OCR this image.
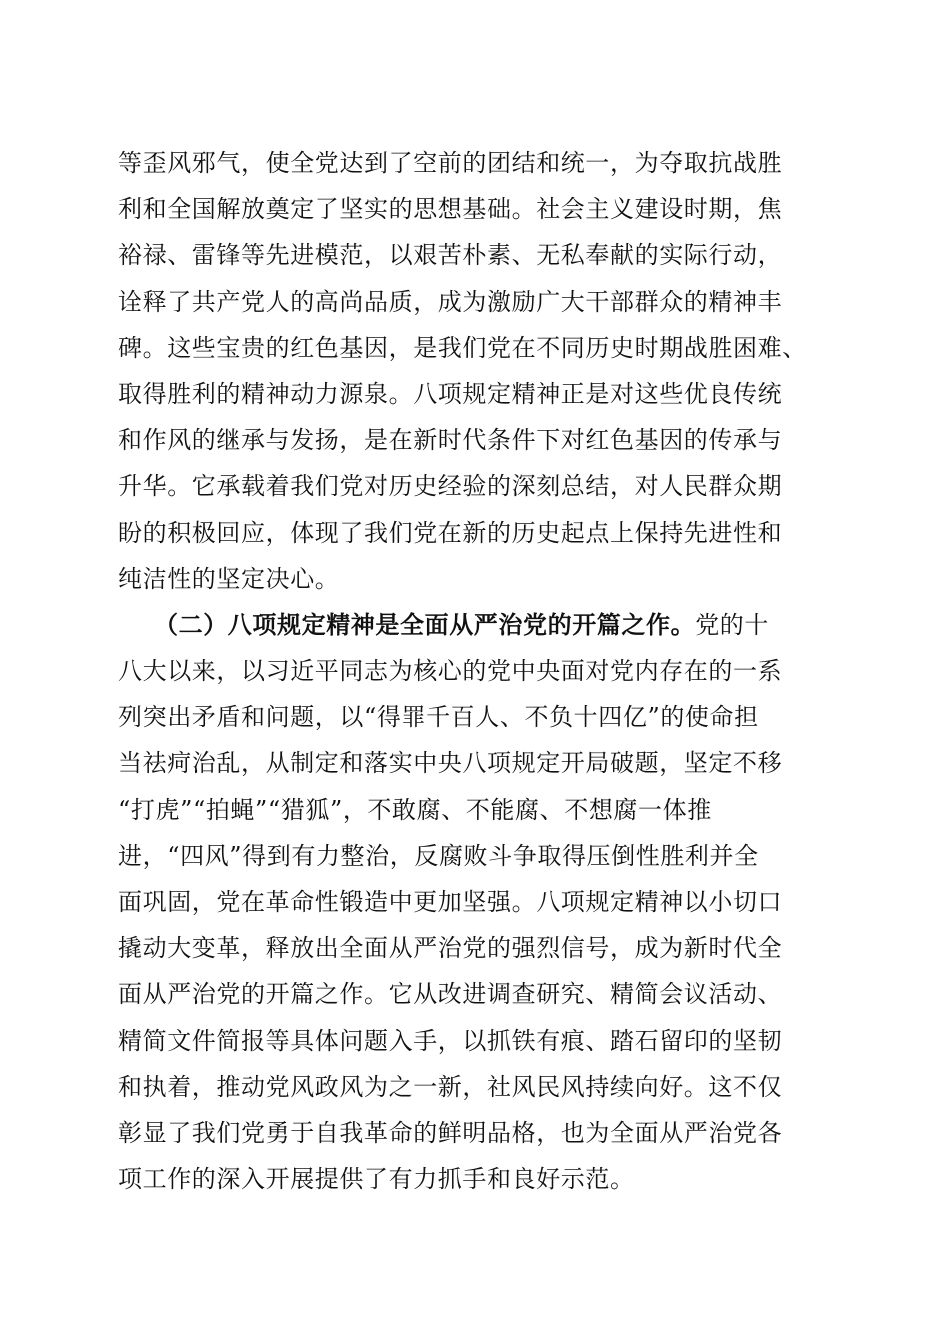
等歪风邪气，使全党达到了空前的团结和统一，为夺取抗战胜
利和全国解放奠定了坚实的思想基础。社会主义建设时期，焦
裕禄、雷锋等先进模范，以艰苦朴素、无私奉献的实际行动，
诠释了共产党人的高尚品质，成为激励广大干部群众的精神丰
碑。这些宝贵的红色基因，是我们党在不同历史时期战胜困难、
取得胜利的精神动力源泉。八项规定精神正是对这些优良传统
和作风的继承与发扬，是在新时代条件下对红色基因的传承与
升华。它承载着我们党对历史经验的深刻总结，对人民群众期
盼的积极回应，体现了我们党在新的历史起点上保持先进性和
纯洁性的坚定决心。
（二）八项规定精神是全面从严治党的开篇之作。党的十
八大以来，以习近平同志为核心的党中央面对党内存在的一系
列突出矛盾和问题，以“得罪千百人、不负十四亿”的使命担
当祛疴治乱，从制定和落实中央八项规定开局破题，坚定不移
“打虎”“拍蝇”“猎狐”，不敢腐、不能腐、不想腐一体推
进，“四风”得到有力整治，反腐败斗争取得压倒性胜利并全
面巩固，党在革命性锻造中更加坚强。八项规定精神以小切口
撬动大变革，释放出全面从严治党的强烈信号，成为新时代全
面从严治党的开篇之作。它从改进调查研究、精简会议活动、
精简文件简报等具体问题入手，以抓铁有痕、踏石留印的坚韧
和执着，推动党风政风为之一新，社风民风持续向好。这不仅
彰显了我们党勇于自我革命的鲜明品格，也为全面从严治党各
项工作的深入开展提供了有力抓手和良好示范。
